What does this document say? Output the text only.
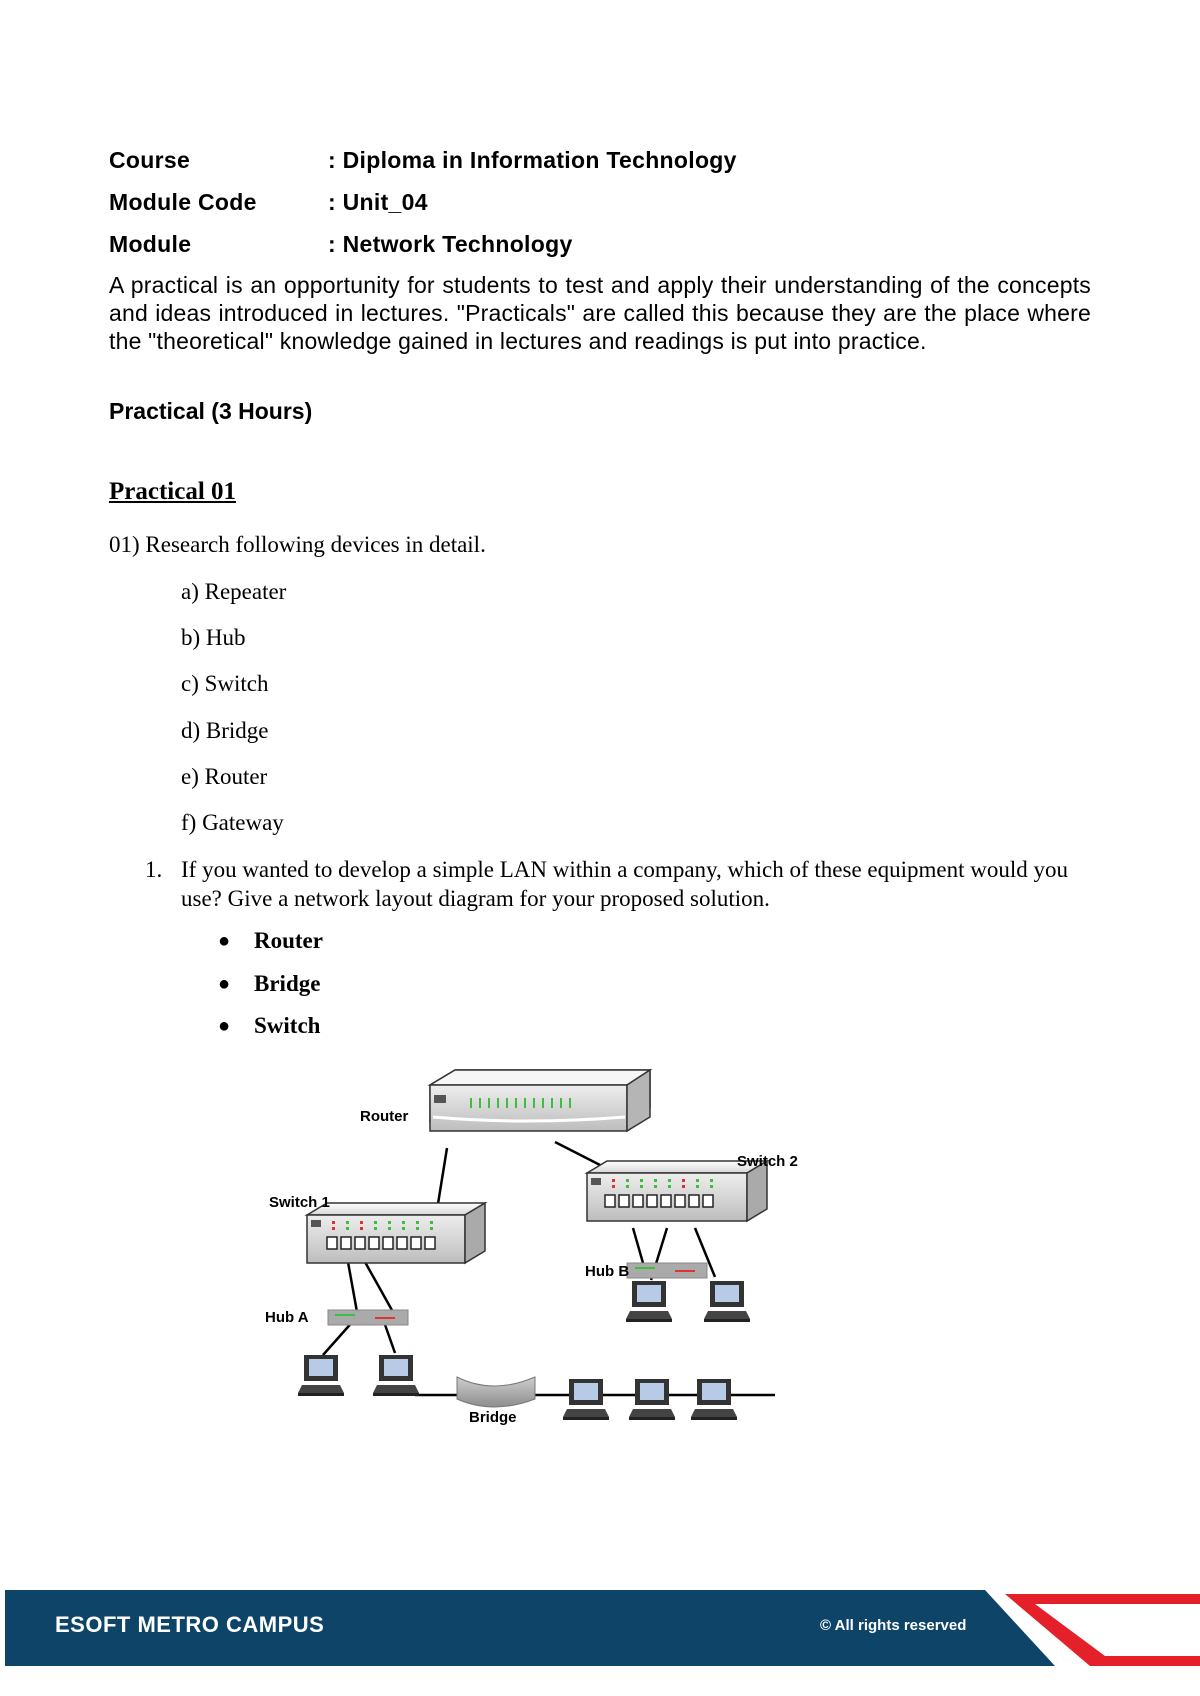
Course	: Diploma in Information Technology
Module Code	: Unit_04
Module	: Network Technology
A practical is an opportunity for students to test and apply their understanding of the concepts and ideas introduced in lectures. "Practicals" are called this because they are the place where the "theoretical" knowledge gained in lectures and readings is put into practice.
Practical (3 Hours)
Practical 01
01) Research following devices in detail.
a) Repeater
b) Hub
c) Switch
d) Bridge
e) Router
f) Gateway
1. If you wanted to develop a simple LAN within a company, which of these equipment would you use? Give a network layout diagram for your proposed solution.
● Router
● Bridge
● Switch
Router
Switch 1
Switch 2
Hub A
Hub B
Bridge
ESOFT METRO CAMPUS	© All rights reserved
